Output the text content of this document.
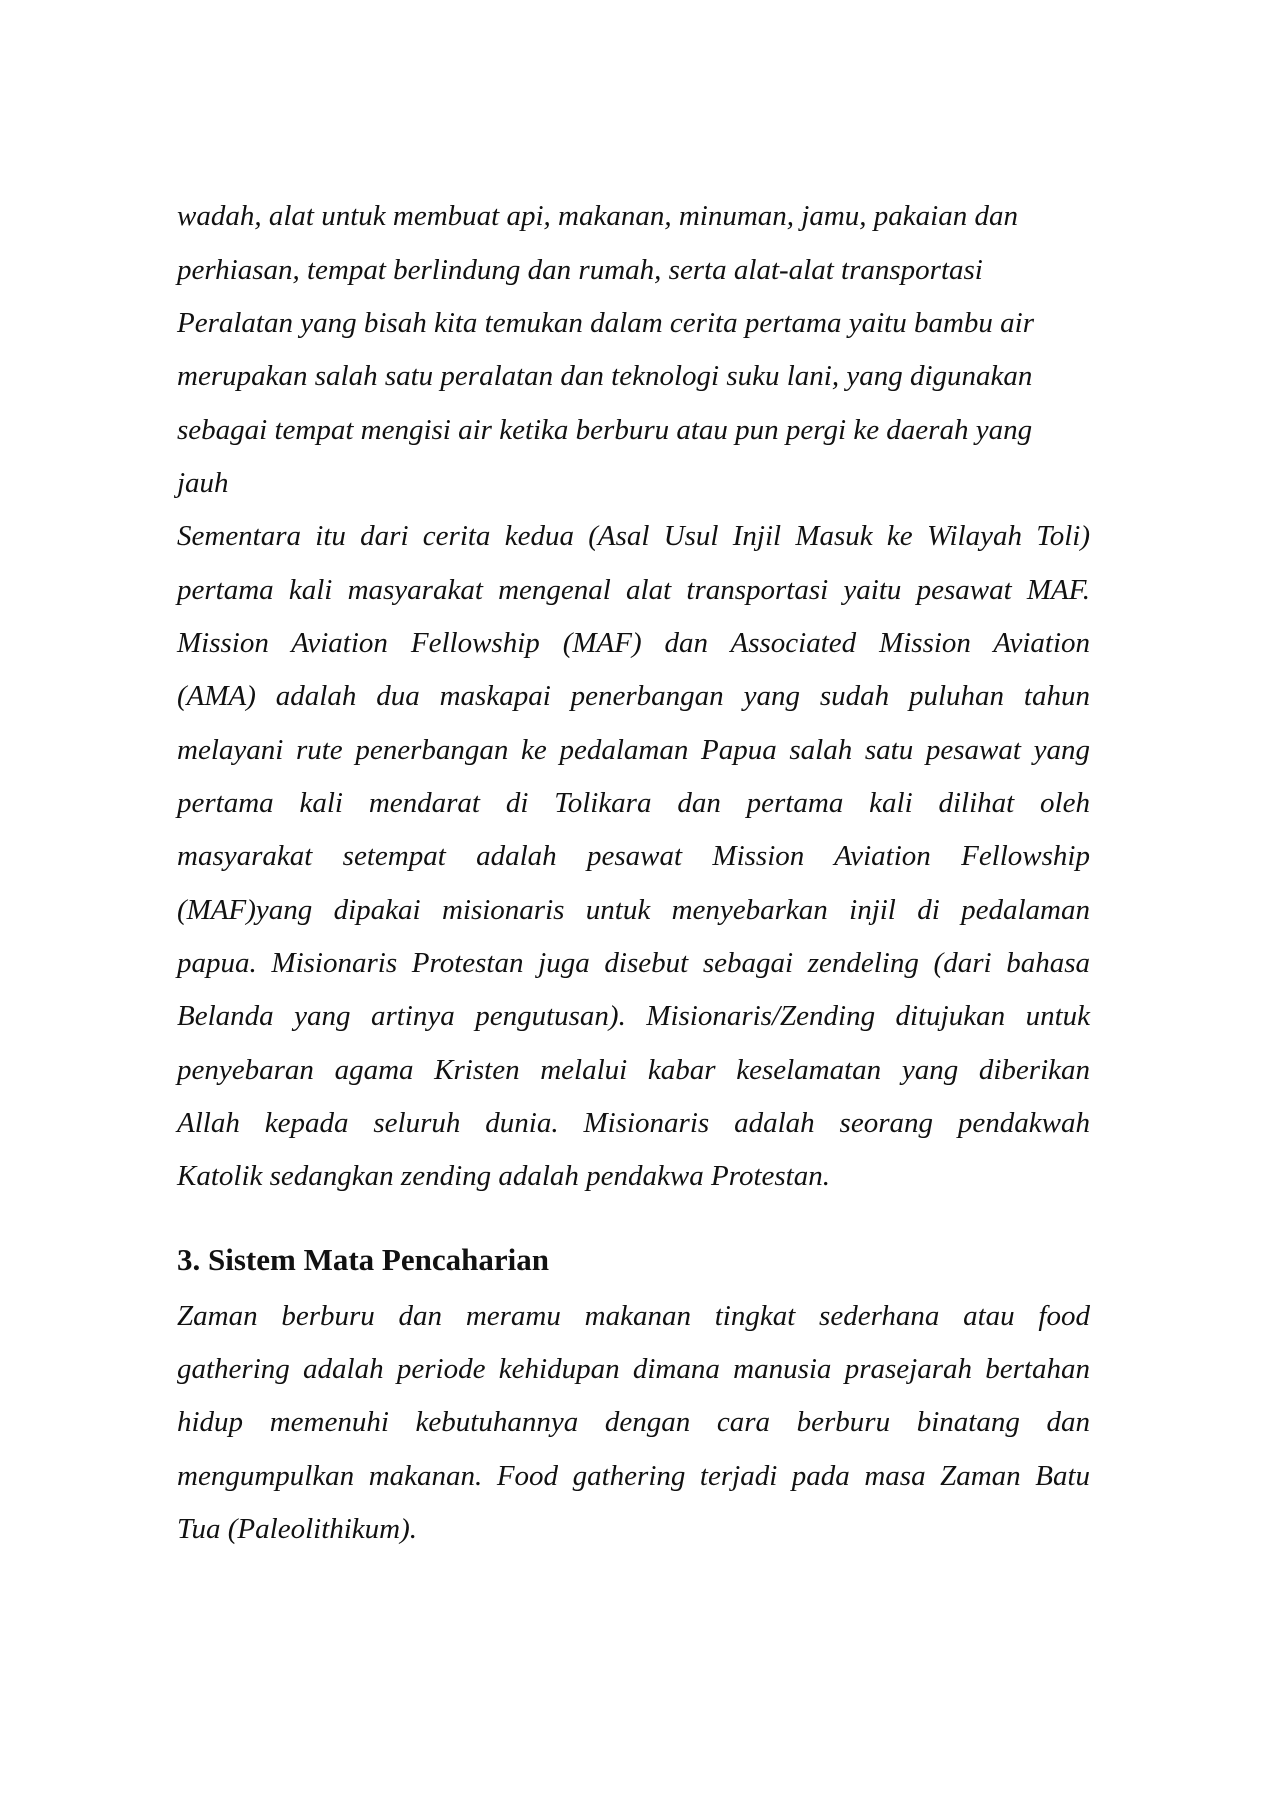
wadah, alat untuk membuat api, makanan, minuman, jamu, pakaian dan
perhiasan, tempat berlindung dan rumah, serta alat-alat transportasi
Peralatan yang bisah kita temukan dalam cerita pertama yaitu bambu air
merupakan salah satu peralatan dan teknologi suku lani, yang digunakan
sebagai tempat mengisi air ketika berburu atau pun pergi ke daerah yang
jauh
Sementara itu dari cerita kedua (Asal Usul Injil Masuk ke Wilayah Toli)
pertama kali masyarakat mengenal alat transportasi yaitu pesawat MAF.
Mission Aviation Fellowship (MAF) dan Associated Mission Aviation
(AMA) adalah dua maskapai penerbangan yang sudah puluhan tahun
melayani rute penerbangan ke pedalaman Papua salah satu pesawat yang
pertama kali mendarat di Tolikara dan pertama kali dilihat oleh
masyarakat setempat adalah pesawat Mission Aviation Fellowship
(MAF)yang dipakai misionaris untuk menyebarkan injil di pedalaman
papua. Misionaris Protestan juga disebut sebagai zendeling (dari bahasa
Belanda yang artinya pengutusan). Misionaris/Zending ditujukan untuk
penyebaran agama Kristen melalui kabar keselamatan yang diberikan
Allah kepada seluruh dunia. Misionaris adalah seorang pendakwah
Katolik sedangkan zending adalah pendakwa Protestan.
3. Sistem Mata Pencaharian
Zaman berburu dan meramu makanan tingkat sederhana atau food
gathering adalah periode kehidupan dimana manusia prasejarah bertahan
hidup memenuhi kebutuhannya dengan cara berburu binatang dan
mengumpulkan makanan. Food gathering terjadi pada masa Zaman Batu
Tua (Paleolithikum).
